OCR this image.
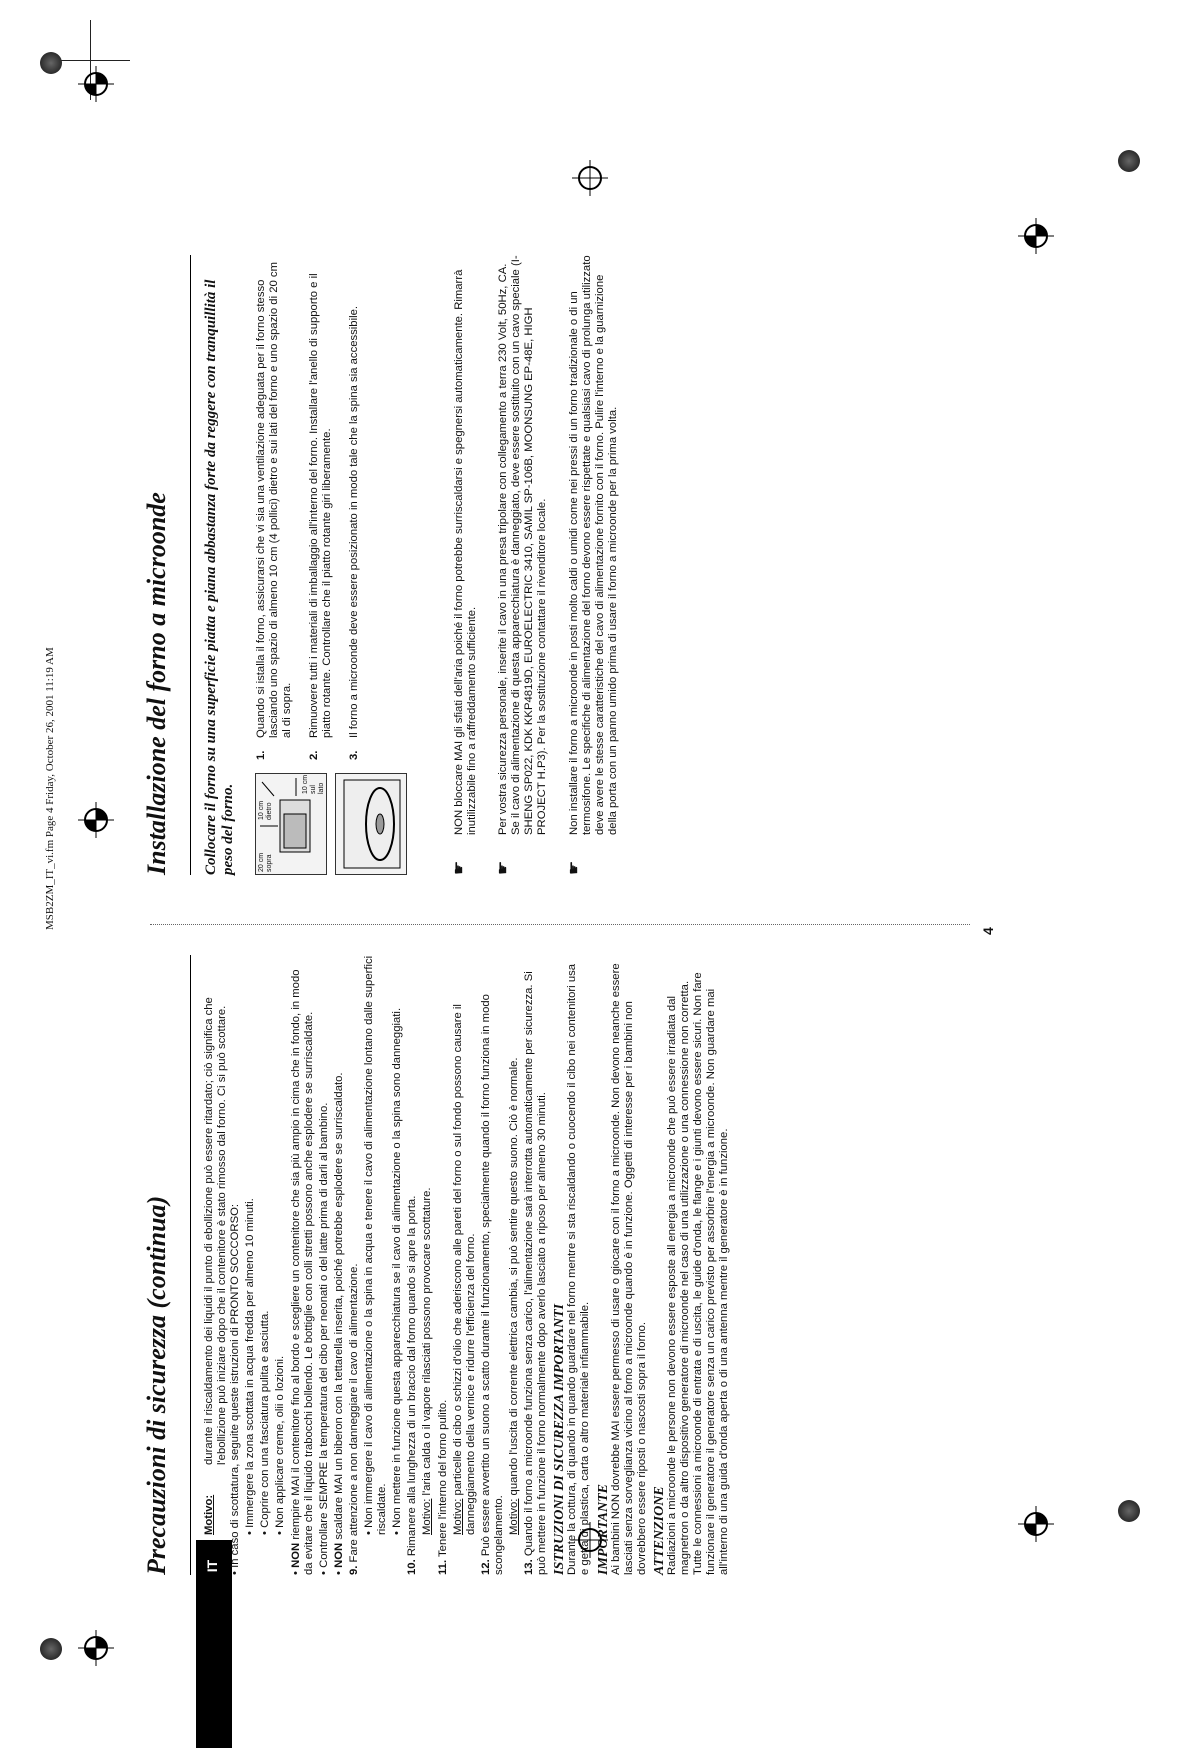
MSB2ZM_IT_vi.fm Page 4 Friday, October 26, 2001 11:19 AM
IT
Precauzioni di sicurezza (continua)	Motivo:
durante il riscaldamento dei liquidi il punto di ebollizione può essere ritardato; ciò significa che l'ebollizione può iniziare dopo che il contenitore è stato rimosso dal forno. Ci si può scottare.
• In caso di scottatura, seguite queste istruzioni di PRONTO SOCCORSO: • Immergere la zona scottata in acqua fredda per almeno 10 minuti.
• Coprire con una fasciatura pulita e asciutta.
• Non applicare creme, olii o lozioni.
• NON riempire MAI il contenitore fino al bordo e scegliere un contenitore che sia più ampio in cima che in fondo, in modo da evitare che il liquido trabocchi bollendo. Le bottiglie con colli stretti possono anche esplodere se surriscaldate. • Controllare SEMPRE la temperatura del cibo per neonati o del latte prima di darli al bambino.
• NON scaldare MAI un biberon con la tettarella inserita, poiché potrebbe esplodere se surriscaldato.
9. Fare attenzione a non danneggiare il cavo di alimentazione. • Non immergere il cavo di alimentazione o la spina in acqua e tenere il cavo di alimentazione lontano dalle superfici riscaldate. • Non mettere in funzione questa apparecchiatura se il cavo di alimentazione o la spina sono danneggiati.
10. Rimanere alla lunghezza di un braccio dal forno quando si apre la porta. Motivo: l'aria calda o il vapore rilasciati possono provocare scottature.
11. Tenere l'interno del forno pulito. Motivo: particelle di cibo o schizzi d'olio che aderiscono alle pareti del forno o sul fondo possono causare il danneggiamento della vernice e ridurre l'efficienza del forno.
12. Può essere avvertito un suono a scatto durante il funzionamento, specialmente quando il forno funziona in modo scongelamento. Motivo: quando l'uscita di corrente elettrica cambia, si può sentire questo suono. Ciò è normale.
13. Quando il forno a microonde funziona senza carico, l'alimentazione sarà interrotta automaticamente per sicurezza. Si può mettere in funzione il forno normalmente dopo averlo lasciato a riposo per almeno 30 minuti. ISTRUZIONI DI SICUREZZA IMPORTANTI Durante la cottura, di quando in quando guardare nel forno mentre si sta riscaldando o cuocendo il cibo nei contenitori usa e getta di plastica, carta o altro materiale infiammabile. IMPORTANTE Ai bambini NON dovrebbe MAI essere permesso di usare o giocare con il forno a microonde. Non devono neanche essere lasciati senza sorveglianza vicino al forno a microonde quando è in funzione. Oggetti di interesse per i bambini non dovrebbero essere riposti o nascosti sopra il forno. ATTENZIONE Radiazioni a microonde le persone non devono essere esposte all energia a microonde che può essere irradiata dal magnetron o da altro dispositivo generatore di microonde nel caso di una utilizzazione o una connessione non corretta. Tutte le connessioni a microonde di entrata e di uscita, le guide d'onda, le flange e i giunti devono essere sicuri. Non fare funzionare il generatore il generatore senza un carico previsto per assorbire l'energia a microonde. Non guardare mai all'interno di una guida d'onda aperta o di una antenna mentre il generatore è in funzione.
4
Installazione del forno a microonde	Collocare il forno su una superficie piatta e piana abbastanza forte da reggere con tranquillità il peso del forno.	20 cm
sopra
10 cm
dietro
10 cm
sul lato
1.
Quando si istalla il forno, assicurarsi che vi sia una ventilazione adeguata per il forno stesso lasciando uno spazio di almeno 10 cm (4 pollici) dietro e sui lati del forno e uno spazio di 20 cm al di sopra.
2.
Rimuovere tutti i materiali di imballaggio all'interno del forno. Installare l'anello di supporto e il piatto rotante. Controllare che il piatto rotante giri liberamente.
3.
Il forno a microonde deve essere posizionato in modo tale che la spina sia accessibile.
☛
NON bloccare MAI gli sfiati dell'aria poiché il forno potrebbe surriscaldarsi e spegnersi automaticamente. Rimarrà inutilizzabile fino a raffreddamento sufficiente.
☛
Per vostra sicurezza personale, inserite il cavo in una presa tripolare con collegamento a terra 230 Volt, 50Hz, CA. Se il cavo di alimentazione di questa apparecchiatura è danneggiato, deve essere sostituito con un cavo speciale (I-SHENG SP022, KDK KKP4819D, EUROELECTRIC 3410, SAMIL SP-106B, MOONSUNG EP-48E, HIGH PROJECT H.P3). Per la sostituzione contattare il rivenditore locale.
☛
Non installare il forno a microonde in posti molto caldi o umidi come nei pressi di un forno tradizionale o di un termosifone. Le specifiche di alimentazione del forno devono essere rispettate e qualsiasi cavo di prolunga utilizzato deve avere le stesse caratteristiche del cavo di alimentazione fornito con il forno. Pulire l'interno e la guarnizione della porta con un panno umido prima di usare il forno a microonde per la prima volta.
